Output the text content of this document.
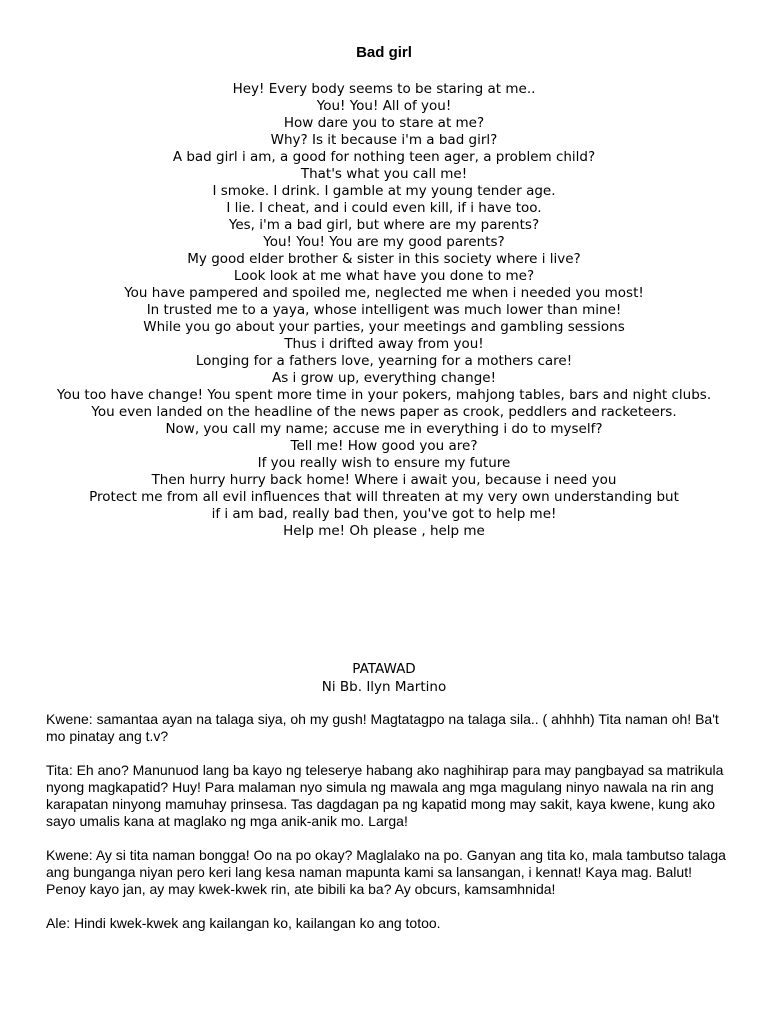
Bad girl
Hey! Every body seems to be staring at me..
You! You! All of you!
How dare you to stare at me?
Why? Is it because i'm a bad girl?
A bad girl i am, a good for nothing teen ager, a problem child?
That's what you call me!
I smoke. I drink. I gamble at my young tender age.
I lie. I cheat, and i could even kill, if i have too.
Yes, i'm a bad girl, but where are my parents?
You! You! You are my good parents?
My good elder brother & sister in this society where i live?
Look look at me what have you done to me?
You have pampered and spoiled me, neglected me when i needed you most!
In trusted me to a yaya, whose intelligent was much lower than mine!
While you go about your parties, your meetings and gambling sessions
Thus i drifted away from you!
Longing for a fathers love, yearning for a mothers care!
As i grow up, everything change!
You too have change! You spent more time in your pokers, mahjong tables, bars and night clubs.
You even landed on the headline of the news paper as crook, peddlers and racketeers.
Now, you call my name; accuse me in everything i do to myself?
Tell me! How good you are?
If you really wish to ensure my future
Then hurry hurry back home! Where i await you, because i need you
Protect me from all evil influences that will threaten at my very own understanding but
if i am bad, really bad then, you've got to help me!
Help me! Oh please , help me
PATAWAD
Ni Bb. Ilyn Martino

Kwene: samantaa ayan na talaga siya, oh my gush! Magtatagpo na talaga sila.. ( ahhhh) Tita naman oh! Ba't mo pinatay ang t.v?

Tita: Eh ano? Manunuod lang ba kayo ng teleserye habang ako naghihirap para may pangbayad sa matrikula nyong magkapatid? Huy! Para malaman nyo simula ng mawala ang mga magulang ninyo nawala na rin ang karapatan ninyong mamuhay prinsesa. Tas dagdagan pa ng kapatid mong may sakit, kaya kwene, kung ako sayo umalis kana at maglako ng mga anik-anik mo. Larga!

Kwene: Ay si tita naman bongga! Oo na po okay? Maglalako na po. Ganyan ang tita ko, mala tambutso talaga ang bunganga niyan pero keri lang kesa naman mapunta kami sa lansangan, i kennat! Kaya mag. Balut! Penoy kayo jan, ay may kwek-kwek rin, ate bibili ka ba? Ay obcurs, kamsamhnida!

Ale: Hindi kwek-kwek ang kailangan ko, kailangan ko ang totoo.
